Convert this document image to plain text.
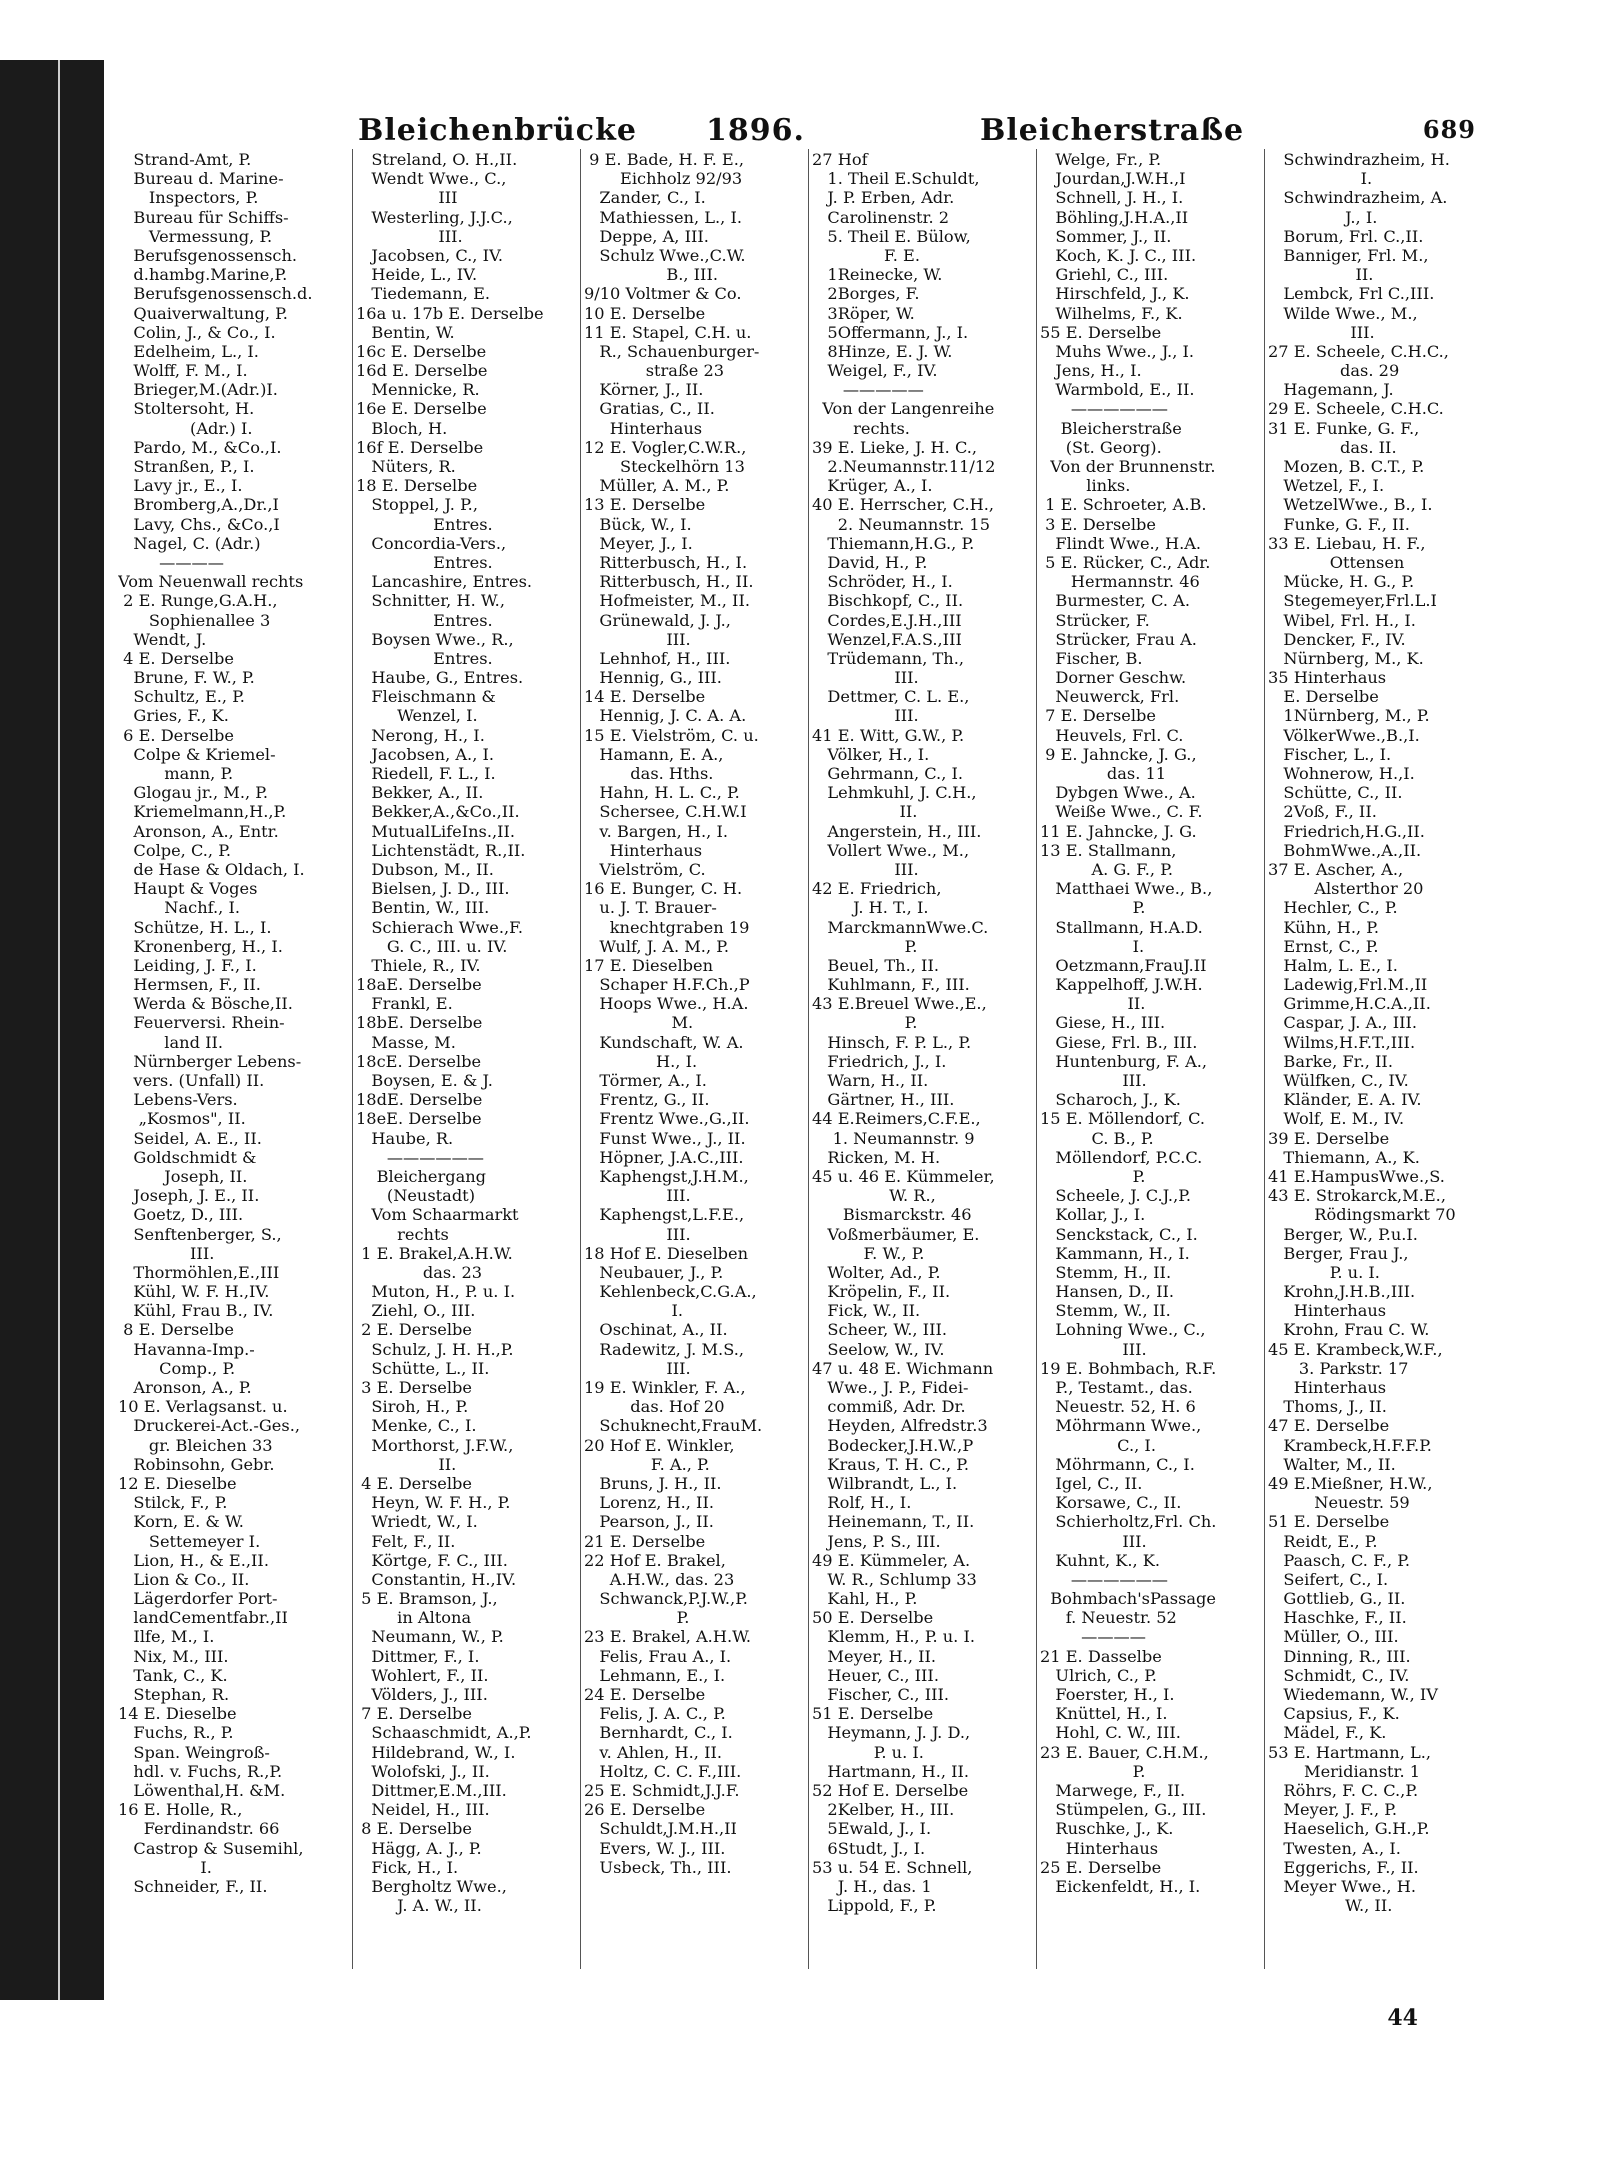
Bleichenbrücke 1896.	Bleicherstraße	689
Strand-Amt, P.
Bureau d. Marine-
Inspectors, P.
Bureau für Schiffs-
Vermessung, P.
Berufsgenossensch.
d.hambg.Marine,P.
Berufsgenossensch.d.
Quaiverwaltung, P.
Colin, J., & Co., I.
Edelheim, L., I.
Wolff, F. M., I.
Brieger,M.(Adr.)I.
Stoltersoht, H.
(Adr.) I.
Pardo, M., &Co.,I.
Stranßen, P., I.
Lavy jr., E., I.
Bromberg,A.,Dr.,I
Lavy, Chs., &Co.,I
Nagel, C. (Adr.)
————
Vom Neuenwall rechts
2 E. Runge,G.A.H.,
Sophienallee 3
Wendt, J.
4 E. Derselbe
Brune, F. W., P.
Schultz, E., P.
Gries, F., K.
6 E. Derselbe
Colpe & Kriemel-
mann, P.
Glogau jr., M., P.
Kriemelmann,H.,P.
Aronson, A., Entr.
Colpe, C., P.
de Hase & Oldach, I.
Haupt & Voges
Nachf., I.
Schütze, H. L., I.
Kronenberg, H., I.
Leiding, J. F., I.
Hermsen, F., II.
Werda & Bösche,II.
Feuerversi. Rhein-
land II.
Nürnberger Lebens-
vers. (Unfall) II.
Lebens-Vers.
„Kosmos", II.
Seidel, A. E., II.
Goldschmidt &
Joseph, II.
Joseph, J. E., II.
Goetz, D., III.
Senftenberger, S.,
III.
Thormöhlen,E.,III
Kühl, W. F. H.,IV.
Kühl, Frau B., IV.
8 E. Derselbe
Havanna-Imp.-
Comp., P.
Aronson, A., P.
10 E. Verlagsanst. u.
Druckerei-Act.-Ges.,
gr. Bleichen 33
Robinsohn, Gebr.
12 E. Dieselbe
Stilck, F., P.
Korn, E. & W.
Settemeyer I.
Lion, H., & E.,II.
Lion & Co., II.
Lägerdorfer Port-
landCementfabr.,II
Ilfe, M., I.
Nix, M., III.
Tank, C., K.
Stephan, R.
14 E. Dieselbe
Fuchs, R., P.
Span. Weingroß-
hdl. v. Fuchs, R.,P.
Löwenthal,H. &M.
16 E. Holle, R.,
Ferdinandstr. 66
Castrop & Susemihl,
I.
Schneider, F., II.
Streland, O. H.,II.
Wendt Wwe., C.,
III
Westerling, J.J.C.,
III.
Jacobsen, C., IV.
Heide, L., IV.
Tiedemann, E.
16a u. 17b E. Derselbe
Bentin, W.
16c E. Derselbe
16d E. Derselbe
Mennicke, R.
16e E. Derselbe
Bloch, H.
16f E. Derselbe
Nüters, R.
18 E. Derselbe
Stoppel, J. P.,
Entres.
Concordia-Vers.,
Entres.
Lancashire, Entres.
Schnitter, H. W.,
Entres.
Boysen Wwe., R.,
Entres.
Haube, G., Entres.
Fleischmann &
Wenzel, I.
Nerong, H., I.
Jacobsen, A., I.
Riedell, F. L., I.
Bekker, A., II.
Bekker,A.,&Co.,II.
MutualLifeIns.,II.
Lichtenstädt, R.,II.
Dubson, M., II.
Bielsen, J. D., III.
Bentin, W., III.
Schierach Wwe.,F.
G. C., III. u. IV.
Thiele, R., IV.
18aE. Derselbe
Frankl, E.
18bE. Derselbe
Masse, M.
18cE. Derselbe
Boysen, E. & J.
18dE. Derselbe
18eE. Derselbe
Haube, R.
——————
Bleichergang
(Neustadt)
Vom Schaarmarkt
rechts
1 E. Brakel,A.H.W.
das. 23
Muton, H., P. u. I.
Ziehl, O., III.
2 E. Derselbe
Schulz, J. H. H.,P.
Schütte, L., II.
3 E. Derselbe
Siroh, H., P.
Menke, C., I.
Morthorst, J.F.W.,
II.
4 E. Derselbe
Heyn, W. F. H., P.
Wriedt, W., I.
Felt, F., II.
Körtge, F. C., III.
Constantin, H.,IV.
5 E. Bramson, J.,
in Altona
Neumann, W., P.
Dittmer, F., I.
Wohlert, F., II.
Völders, J., III.
7 E. Derselbe
Schaaschmidt, A.,P.
Hildebrand, W., I.
Wolofski, J., II.
Dittmer,E.M.,III.
Neidel, H., III.
8 E. Derselbe
Hägg, A. J., P.
Fick, H., I.
Bergholtz Wwe.,
J. A. W., II.
9 E. Bade, H. F. E.,
Eichholz 92/93
Zander, C., I.
Mathiessen, L., I.
Deppe, A, III.
Schulz Wwe.,C.W.
B., III.
9/10 Voltmer & Co.
10 E. Derselbe
11 E. Stapel, C.H. u.
R., Schauenburger-
straße 23
Körner, J., II.
Gratias, C., II.
Hinterhaus
12 E. Vogler,C.W.R.,
Steckelhörn 13
Müller, A. M., P.
13 E. Derselbe
Bück, W., I.
Meyer, J., I.
Ritterbusch, H., I.
Ritterbusch, H., II.
Hofmeister, M., II.
Grünewald, J. J.,
III.
Lehnhof, H., III.
Hennig, G., III.
14 E. Derselbe
Hennig, J. C. A. A.
15 E. Vielström, C. u.
Hamann, E. A.,
das. Hths.
Hahn, H. L. C., P.
Schersee, C.H.W.I
v. Bargen, H., I.
Hinterhaus
Vielström, C.
16 E. Bunger, C. H.
u. J. T. Brauer-
knechtgraben 19
Wulf, J. A. M., P.
17 E. Dieselben
Schaper H.F.Ch.,P
Hoops Wwe., H.A.
M.
Kundschaft, W. A.
H., I.
Törmer, A., I.
Frentz, G., II.
Frentz Wwe.,G.,II.
Funst Wwe., J., II.
Höpner, J.A.C.,III.
Kaphengst,J.H.M.,
III.
Kaphengst,L.F.E.,
III.
18 Hof E. Dieselben
Neubauer, J., P.
Kehlenbeck,C.G.A.,
I.
Oschinat, A., II.
Radewitz, J. M.S.,
III.
19 E. Winkler, F. A.,
das. Hof 20
Schuknecht,FrauM.
20 Hof E. Winkler,
F. A., P.
Bruns, J. H., II.
Lorenz, H., II.
Pearson, J., II.
21 E. Derselbe
22 Hof E. Brakel,
A.H.W., das. 23
Schwanck,P.J.W.,P.
P.
23 E. Brakel, A.H.W.
Felis, Frau A., I.
Lehmann, E., I.
24 E. Derselbe
Felis, J. A. C., P.
Bernhardt, C., I.
v. Ahlen, H., II.
Holtz, C. C. F.,III.
25 E. Schmidt,J.J.F.
26 E. Derselbe
Schuldt,J.M.H.,II
Evers, W. J., III.
Usbeck, Th., III.
27 Hof
1. Theil E.Schuldt,
J. P. Erben, Adr.
Carolinenstr. 2
5. Theil E. Bülow,
F. E.
1Reinecke, W.
2Borges, F.
3Röper, W.
5Offermann, J., I.
8Hinze, E. J. W.
Weigel, F., IV.
—————
Von der Langenreihe
rechts.
39 E. Lieke, J. H. C.,
2.Neumannstr.11/12
Krüger, A., I.
40 E. Herrscher, C.H.,
2. Neumannstr. 15
Thiemann,H.G., P.
David, H., P.
Schröder, H., I.
Bischkopf, C., II.
Cordes,E.J.H.,III
Wenzel,F.A.S.,III
Trüdemann, Th.,
III.
Dettmer, C. L. E.,
III.
41 E. Witt, G.W., P.
Völker, H., I.
Gehrmann, C., I.
Lehmkuhl, J. C.H.,
II.
Angerstein, H., III.
Vollert Wwe., M.,
III.
42 E. Friedrich,
J. H. T., I.
MarckmannWwe.C.
P.
Beuel, Th., II.
Kuhlmann, F., III.
43 E.Breuel Wwe.,E.,
P.
Hinsch, F. P. L., P.
Friedrich, J., I.
Warn, H., II.
Gärtner, H., III.
44 E.Reimers,C.F.E.,
1. Neumannstr. 9
Ricken, M. H.
45 u. 46 E. Kümmeler,
W. R.,
Bismarckstr. 46
Voßmerbäumer, E.
F. W., P.
Wolter, Ad., P.
Kröpelin, F., II.
Fick, W., II.
Scheer, W., III.
Seelow, W., IV.
47 u. 48 E. Wichmann
Wwe., J. P., Fidei-
commiß, Adr. Dr.
Heyden, Alfredstr.3
Bodecker,J.H.W.,P
Kraus, T. H. C., P.
Wilbrandt, L., I.
Rolf, H., I.
Heinemann, T., II.
Jens, P. S., III.
49 E. Kümmeler, A.
W. R., Schlump 33
Kahl, H., P.
50 E. Derselbe
Klemm, H., P. u. I.
Meyer, H., II.
Heuer, C., III.
Fischer, C., III.
51 E. Derselbe
Heymann, J. J. D.,
P. u. I.
Hartmann, H., II.
52 Hof E. Derselbe
2Kelber, H., III.
5Ewald, J., I.
6Studt, J., I.
53 u. 54 E. Schnell,
J. H., das. 1
Lippold, F., P.
Welge, Fr., P.
Jourdan,J.W.H.,I
Schnell, J. H., I.
Böhling,J.H.A.,II
Sommer, J., II.
Koch, K. J. C., III.
Griehl, C., III.
Hirschfeld, J., K.
Wilhelms, F., K.
55 E. Derselbe
Muhs Wwe., J., I.
Jens, H., I.
Warmbold, E., II.
——————
Bleicherstraße
(St. Georg).
Von der Brunnenstr.
links.
1 E. Schroeter, A.B.
3 E. Derselbe
Flindt Wwe., H.A.
5 E. Rücker, C., Adr.
Hermannstr. 46
Burmester, C. A.
Strücker, F.
Strücker, Frau A.
Fischer, B.
Dorner Geschw.
Neuwerck, Frl.
7 E. Derselbe
Heuvels, Frl. C.
9 E. Jahncke, J. G.,
das. 11
Dybgen Wwe., A.
Weiße Wwe., C. F.
11 E. Jahncke, J. G.
13 E. Stallmann,
A. G. F., P.
Matthaei Wwe., B.,
P.
Stallmann, H.A.D.
I.
Oetzmann,FrauJ.II
Kappelhoff, J.W.H.
II.
Giese, H., III.
Giese, Frl. B., III.
Huntenburg, F. A.,
III.
Scharoch, J., K.
15 E. Möllendorf, C.
C. B., P.
Möllendorf, P.C.C.
P.
Scheele, J. C.J.,P.
Kollar, J., I.
Senckstack, C., I.
Kammann, H., I.
Stemm, H., II.
Hansen, D., II.
Stemm, W., II.
Lohning Wwe., C.,
III.
19 E. Bohmbach, R.F.
P., Testamt., das.
Neuestr. 52, H. 6
Möhrmann Wwe.,
C., I.
Möhrmann, C., I.
Igel, C., II.
Korsawe, C., II.
Schierholtz,Frl. Ch.
III.
Kuhnt, K., K.
——————
Bohmbach'sPassage
f. Neuestr. 52
————
21 E. Dasselbe
Ulrich, C., P.
Foerster, H., I.
Knüttel, H., I.
Hohl, C. W., III.
23 E. Bauer, C.H.M.,
P.
Marwege, F., II.
Stümpelen, G., III.
Ruschke, J., K.
Hinterhaus
25 E. Derselbe
Eickenfeldt, H., I.
Schwindrazheim, H.
I.
Schwindrazheim, A.
J., I.
Borum, Frl. C.,II.
Banniger, Frl. M.,
II.
Lembck, Frl C.,III.
Wilde Wwe., M.,
III.
27 E. Scheele, C.H.C.,
das. 29
Hagemann, J.
29 E. Scheele, C.H.C.
31 E. Funke, G. F.,
das. II.
Mozen, B. C.T., P.
Wetzel, F., I.
WetzelWwe., B., I.
Funke, G. F., II.
33 E. Liebau, H. F.,
Ottensen
Mücke, H. G., P.
Stegemeyer,Frl.L.I
Wibel, Frl. H., I.
Dencker, F., IV.
Nürnberg, M., K.
35 Hinterhaus
E. Derselbe
1Nürnberg, M., P.
VölkerWwe.,B.,I.
Fischer, L., I.
Wohnerow, H.,I.
Schütte, C., II.
2Voß, F., II.
Friedrich,H.G.,II.
BohmWwe.,A.,II.
37 E. Ascher, A.,
Alsterthor 20
Hechler, C., P.
Kühn, H., P.
Ernst, C., P.
Halm, L. E., I.
Ladewig,Frl.M.,II
Grimme,H.C.A.,II.
Caspar, J. A., III.
Wilms,H.F.T.,III.
Barke, Fr., II.
Wülfken, C., IV.
Kländer, E. A. IV.
Wolf, E. M., IV.
39 E. Derselbe
Thiemann, A., K.
41 E.HampusWwe.,S.
43 E. Strokarck,M.E.,
Rödingsmarkt 70
Berger, W., P.u.I.
Berger, Frau J.,
P. u. I.
Krohn,J.H.B.,III.
Hinterhaus
Krohn, Frau C. W.
45 E. Krambeck,W.F.,
3. Parkstr. 17
Hinterhaus
Thoms, J., II.
47 E. Derselbe
Krambeck,H.F.F.P.
Walter, M., II.
49 E.Mießner, H.W.,
Neuestr. 59
51 E. Derselbe
Reidt, E., P.
Paasch, C. F., P.
Seifert, C., I.
Gottlieb, G., II.
Haschke, F., II.
Müller, O., III.
Dinning, R., III.
Schmidt, C., IV.
Wiedemann, W., IV
Capsius, F., K.
Mädel, F., K.
53 E. Hartmann, L.,
Meridianstr. 1
Röhrs, F. C. C.,P.
Meyer, J. F., P.
Haeselich, G.H.,P.
Twesten, A., I.
Eggerichs, F., II.
Meyer Wwe., H.
W., II.
44
